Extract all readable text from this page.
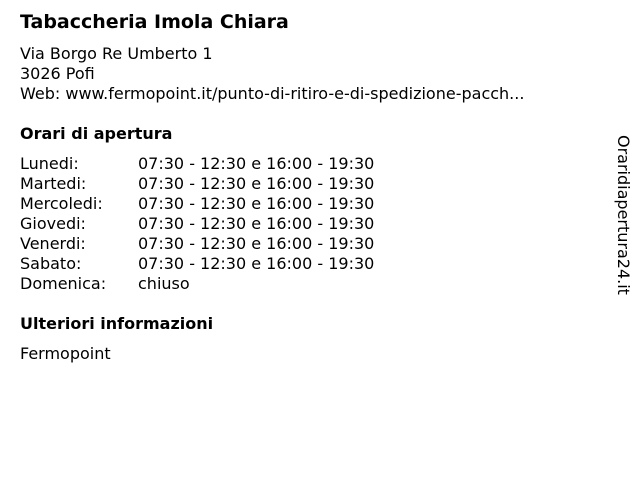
Tabaccheria Imola Chiara
Via Borgo Re Umberto 1
3026 Pofi
Web: www.fermopoint.it/punto-di-ritiro-e-di-spedizione-pacch...
Orari di apertura
Lunedi:	07:30 - 12:30 e 16:00 - 19:30
Martedi:	07:30 - 12:30 e 16:00 - 19:30
Mercoledi:	07:30 - 12:30 e 16:00 - 19:30
Giovedi:	07:30 - 12:30 e 16:00 - 19:30
Venerdi:	07:30 - 12:30 e 16:00 - 19:30
Sabato:	07:30 - 12:30 e 16:00 - 19:30
Domenica:	chiuso
Ulteriori informazioni
Fermopoint
Oraridiapertura24.it
